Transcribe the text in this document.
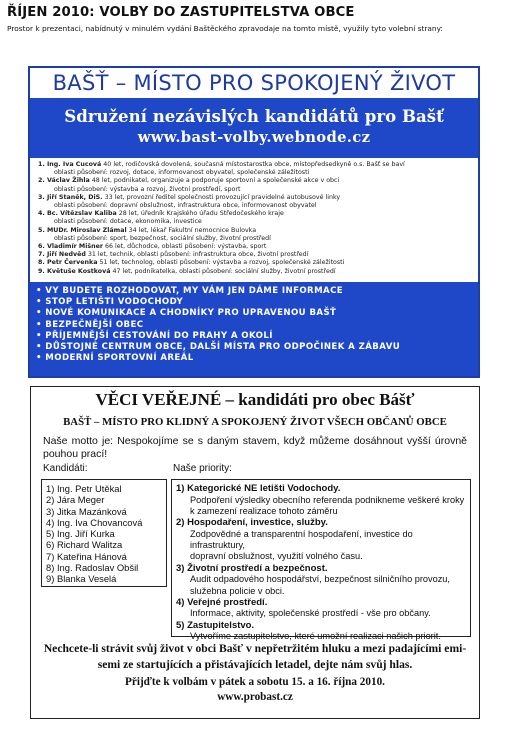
ŘÍJEN 2010: VOLBY DO ZASTUPITELSTVA OBCE
Prostor k prezentaci, nabídnutý v minulém vydání Baštěckého zpravodaje na tomto místě, využily tyto volební strany:
BAŠŤ – MÍSTO PRO SPOKOJENÝ ŽIVOT
Sdružení nezávislých kandidátů pro Bašť
www.bast-volby.webnode.cz
1. Ing. Iva Cucová 40 let, rodičovská dovolená, současná místostarostka obce, místopředsedkyně o.s. Bašť se baví
oblasti působení: rozvoj, dotace, informovanost obyvatel, společenské záležitosti
2. Václav Žihla 48 let, podnikatel, organizuje a podporuje sportovní a společenské akce v obci
oblasti působení: výstavba a rozvoj, životní prostředí, sport
3. Jiří Staněk, DiS. 33 let, provozní ředitel společnosti provozující pravidelné autobusové linky
oblasti působení: dopravní obslužnost, infrastruktura obce, informovanost obyvatel
4. Bc. Vítězslav Kaliba 28 let, úředník Krajského úřadu Středočeského kraje
oblasti působení: dotace, ekonomika, investice
5. MUDr. Miroslav Zlámal 34 let, lékař Fakultní nemocnice Bulovka
oblasti působení: sport, bezpečnost, sociální služby, životní prostředí
6. Vladimír Mišner 66 let, důchodce, oblasti působení: výstavba, sport
7. Jiří Nedvěd 31 let, technik, oblasti působení: infrastruktura obce, životní prostředí
8. Petr Červenka 51 let, technolog, oblasti působení: výstavba a rozvoj, společenské záležitosti
9. Květuše Kostková 47 let, podnikatelka, oblasti působení: sociální služby, životní prostředí
• VY BUDETE ROZHODOVAT, MY VÁM JEN DÁME INFORMACE
• STOP LETIŠTI VODOCHODY
• NOVÉ KOMUNIKACE A CHODNÍKY PRO UPRAVENOU BAŠŤ
• BEZPEČNĚJŠÍ OBEC
• PŘÍJEMNĚJŠÍ CESTOVÁNÍ DO PRAHY A OKOLÍ
• DŮSTOJNÉ CENTRUM OBCE, DALŠÍ MÍSTA PRO ODPOČINEK A ZÁBAVU
• MODERNÍ SPORTOVNÍ AREÁL
VĚCI VEŘEJNÉ – kandidáti pro obec Bášť
BAŠŤ – MÍSTO PRO KLIDNÝ A SPOKOJENÝ ŽIVOT VŠECH OBČANŮ OBCE
Naše motto je: Nespokojíme se s daným stavem, když můžeme dosáhnout vyšší úrovně pouhou prací!
Kandidáti:	Naše priority:
1) Ing. Petr Utěkal
2) Jára Meger
3) Jitka Mazánková
4) Ing. Iva Chovancová
5) Ing. Jiří Kurka
6) Richard Walitza
7) Kateřina Hánová
8) Ing. Radoslav Obšil
9) Blanka Veselá
1) Kategorické NE letišti Vodochody.
Podpoření výsledky obecního referenda podnikneme veškeré kroky
k zamezení realizace tohoto záměru
2) Hospodaření, investice, služby.
Zodpovědné a transparentní hospodaření, investice do infrastruktury,
dopravní obslužnost, využití volného času.
3) Životní prostředí a bezpečnost.
Audit odpadového hospodářství, bezpečnost silničního provozu,
služebna policie v obci.
4) Veřejné prostředí.
Informace, aktivity, společenské prostředí - vše pro občany.
5) Zastupitelstvo.
Vytvoříme zastupitelstvo, které umožní realizaci našich priorit.
Nechcete-li strávit svůj život v obci Bašť v nepřetržitém hluku a mezi padajícími emi-
semi ze startujících a přistávajících letadel, dejte nám svůj hlas.
Přijďte k volbám v pátek a sobotu 15. a 16. října 2010.
www.probast.cz
